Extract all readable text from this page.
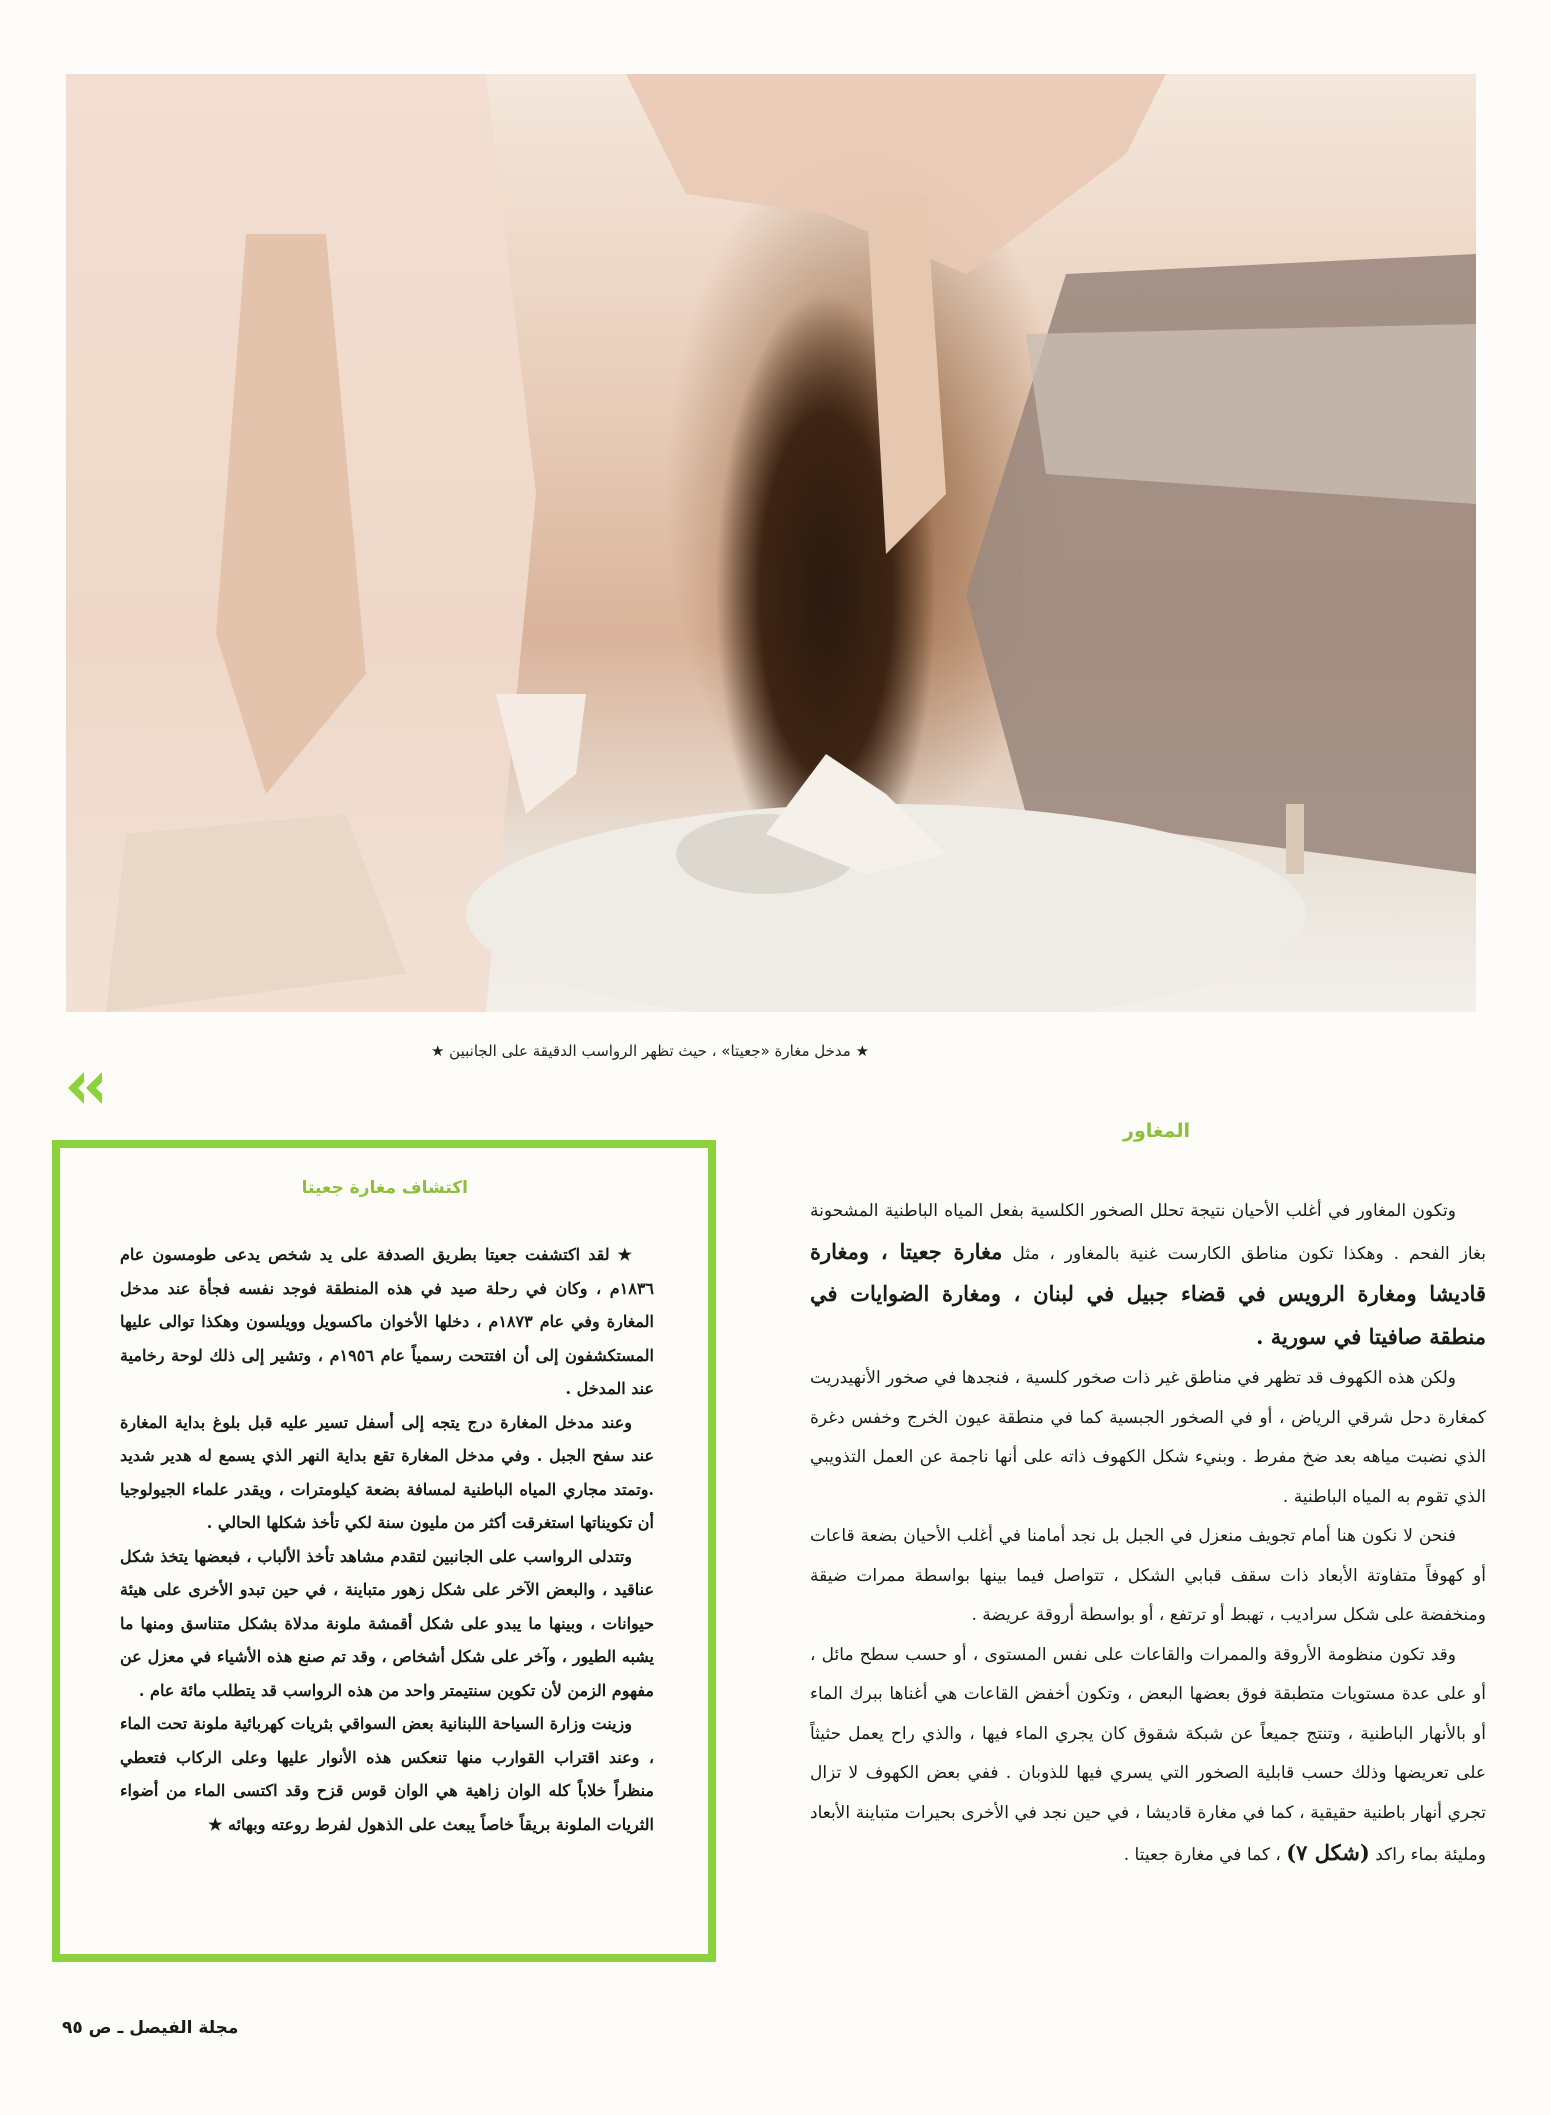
★ مدخل مغارة «جعيتا» ، حيث تظهر الرواسب الدقيقة على الجانبين ★
المغاور

وتكون المغاور في أغلب الأحيان نتيجة تحلل الصخور الكلسية بفعل المياه الباطنية المشحونة بغاز الفحم . وهكذا تكون مناطق الكارست غنية بالمغاور ، مثل مغارة جعيتا ، ومغارة قاديشا ومغارة الرويس في قضاء جبيل في لبنان ، ومغارة الضوايات في منطقة صافيتا في سورية .

ولكن هذه الكهوف قد تظهر في مناطق غير ذات صخور كلسية ، فنجدها في صخور الأنهيدريت كمغارة دحل شرقي الرياض ، أو في الصخور الجبسية كما في منطقة عيون الخرج وخفس دغرة الذي نضبت مياهه بعد ضخ مفرط . وبنيء شكل الكهوف ذاته على أنها ناجمة عن العمل التذويبي الذي تقوم به المياه الباطنية .

فنحن لا نكون هنا أمام تجويف منعزل في الجبل بل نجد أمامنا في أغلب الأحيان بضعة قاعات أو كهوفاً متفاوتة الأبعاد ذات سقف قبابي الشكل ، تتواصل فيما بينها بواسطة ممرات ضيقة ومنخفضة على شكل سراديب ، تهبط أو ترتفع ، أو بواسطة أروقة عريضة .

وقد تكون منظومة الأروقة والممرات والقاعات على نفس المستوى ، أو حسب سطح مائل ، أو على عدة مستويات متطبقة فوق بعضها البعض ، وتكون أخفض القاعات هي أغناها ببرك الماء أو بالأنهار الباطنية ، وتنتج جميعاً عن شبكة شقوق كان يجري الماء فيها ، والذي راح يعمل حثيثاً على تعريضها وذلك حسب قابلية الصخور التي يسري فيها للذوبان . ففي بعض الكهوف لا تزال تجري أنهار باطنية حقيقية ، كما في مغارة قاديشا ، في حين نجد في الأخرى بحيرات متباينة الأبعاد ومليئة بماء راكد (شكل ٧) ، كما في مغارة جعيتا .

اكتشاف مغارة جعيتا

★ لقد اكتشفت جعيتا بطريق الصدفة على يد شخص يدعى طومسون عام ١٨٣٦م ، وكان في رحلة صيد في هذه المنطقة فوجد نفسه فجأة عند مدخل المغارة وفي عام ١٨٧٣م ، دخلها الأخوان ماكسويل وويلسون وهكذا توالى عليها المستكشفون إلى أن افتتحت رسمياً عام ١٩٥٦م ، وتشير إلى ذلك لوحة رخامية عند المدخل .

وعند مدخل المغارة درج يتجه إلى أسفل تسير عليه قبل بلوغ بداية المغارة عند سفح الجبل . وفي مدخل المغارة تقع بداية النهر الذي يسمع له هدير شديد .وتمتد مجاري المياه الباطنية لمسافة بضعة كيلومترات ، ويقدر علماء الجيولوجيا أن تكويناتها استغرقت أكثر من مليون سنة لكي تأخذ شكلها الحالي .

وتتدلى الرواسب على الجانبين لتقدم مشاهد تأخذ الألباب ، فبعضها يتخذ شكل عناقيد ، والبعض الآخر على شكل زهور متباينة ، في حين تبدو الأخرى على هيئة حيوانات ، وبينها ما يبدو على شكل أقمشة ملونة مدلاة بشكل متناسق ومنها ما يشبه الطيور ، وآخر على شكل أشخاص ، وقد تم صنع هذه الأشياء في معزل عن مفهوم الزمن لأن تكوين سنتيمتر واحد من هذه الرواسب قد يتطلب مائة عام .

وزينت وزارة السياحة اللبنانية بعض السواقي بثريات كهربائية ملونة تحت الماء ، وعند اقتراب القوارب منها تنعكس هذه الأنوار عليها وعلى الركاب فتعطي منظراً خلاباً كله الوان زاهية هي الوان قوس قزح وقد اكتسى الماء من أضواء الثريات الملونة بريقاً خاصاً يبعث على الذهول لفرط روعته وبهائه ★

مجلة الفيصل ـ ص ٩٥
